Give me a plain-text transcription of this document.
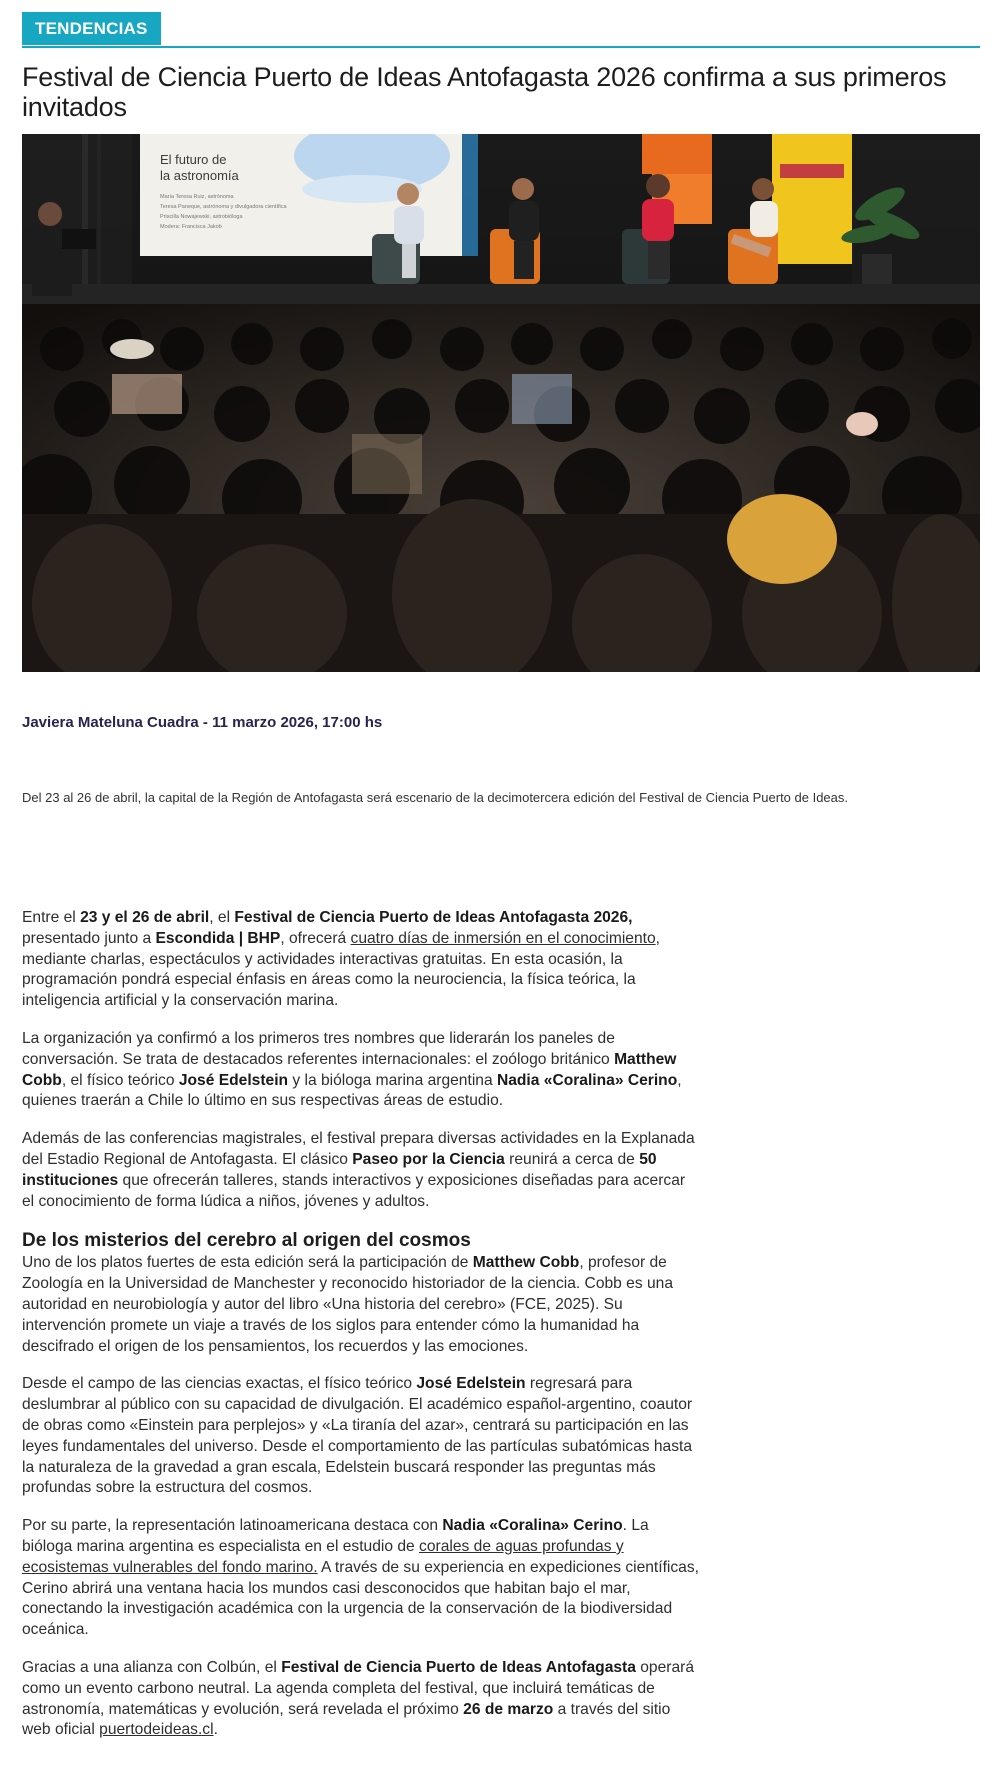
TENDENCIAS
Festival de Ciencia Puerto de Ideas Antofagasta 2026 confirma a sus primeros invitados
El futuro de
la astronomía
María Teresa Ruiz, astrónoma
Teresa Paneque, astrónoma y divulgadora científica
Priscilla Nowajewski, astrobióloga
Modera: Francisca Jakob
Javiera Mateluna Cuadra - 11 marzo 2026, 17:00 hs
Del 23 al 26 de abril, la capital de la Región de Antofagasta será escenario de la decimotercera edición del Festival de Ciencia Puerto de Ideas.

Entre el 23 y el 26 de abril, el Festival de Ciencia Puerto de Ideas Antofagasta 2026, presentado junto a Escondida | BHP, ofrecerá cuatro días de inmersión en el conocimiento, mediante charlas, espectáculos y actividades interactivas gratuitas. En esta ocasión, la programación pondrá especial énfasis en áreas como la neurociencia, la física teórica, la inteligencia artificial y la conservación marina.

La organización ya confirmó a los primeros tres nombres que liderarán los paneles de conversación. Se trata de destacados referentes internacionales: el zoólogo británico Matthew Cobb, el físico teórico José Edelstein y la bióloga marina argentina Nadia «Coralina» Cerino, quienes traerán a Chile lo último en sus respectivas áreas de estudio.

Además de las conferencias magistrales, el festival prepara diversas actividades en la Explanada del Estadio Regional de Antofagasta. El clásico Paseo por la Ciencia reunirá a cerca de 50 instituciones que ofrecerán talleres, stands interactivos y exposiciones diseñadas para acercar el conocimiento de forma lúdica a niños, jóvenes y adultos.

De los misterios del cerebro al origen del cosmos

Uno de los platos fuertes de esta edición será la participación de Matthew Cobb, profesor de Zoología en la Universidad de Manchester y reconocido historiador de la ciencia. Cobb es una autoridad en neurobiología y autor del libro «Una historia del cerebro» (FCE, 2025). Su intervención promete un viaje a través de los siglos para entender cómo la humanidad ha descifrado el origen de los pensamientos, los recuerdos y las emociones.

Desde el campo de las ciencias exactas, el físico teórico José Edelstein regresará para deslumbrar al público con su capacidad de divulgación. El académico español-argentino, coautor de obras como «Einstein para perplejos» y «La tiranía del azar», centrará su participación en las leyes fundamentales del universo. Desde el comportamiento de las partículas subatómicas hasta la naturaleza de la gravedad a gran escala, Edelstein buscará responder las preguntas más profundas sobre la estructura del cosmos.

Por su parte, la representación latinoamericana destaca con Nadia «Coralina» Cerino. La bióloga marina argentina es especialista en el estudio de corales de aguas profundas y ecosistemas vulnerables del fondo marino. A través de su experiencia en expediciones científicas, Cerino abrirá una ventana hacia los mundos casi desconocidos que habitan bajo el mar, conectando la investigación académica con la urgencia de la conservación de la biodiversidad oceánica.

Gracias a una alianza con Colbún, el Festival de Ciencia Puerto de Ideas Antofagasta operará como un evento carbono neutral. La agenda completa del festival, que incluirá temáticas de astronomía, matemáticas y evolución, será revelada el próximo 26 de marzo a través del sitio web oficial puertodeideas.cl.
